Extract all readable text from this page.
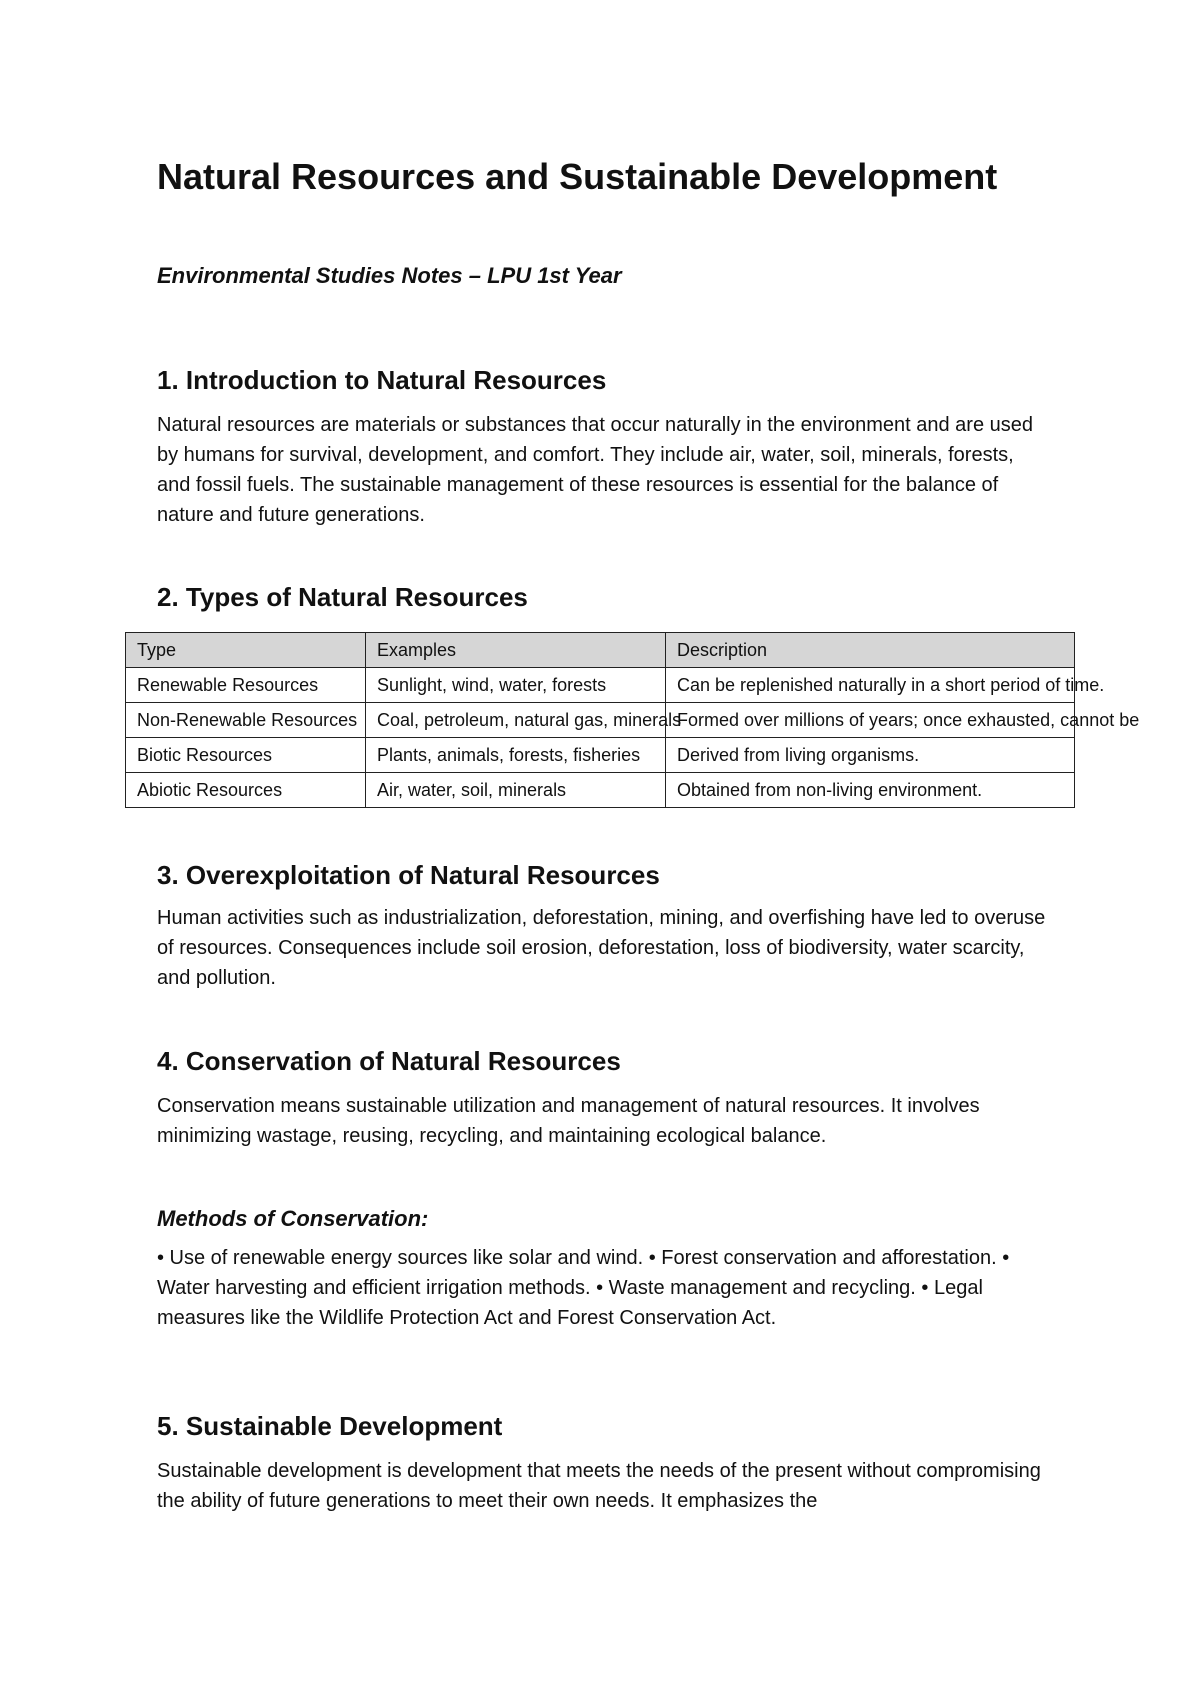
Natural Resources and Sustainable Development

Environmental Studies Notes – LPU 1st Year

1. Introduction to Natural Resources

Natural resources are materials or substances that occur naturally in the environment and are used by humans for survival, development, and comfort. They include air, water, soil, minerals, forests, and fossil fuels. The sustainable management of these resources is essential for the balance of nature and future generations.

2. Types of Natural Resources
Type	Examples	Description
Renewable Resources	Sunlight, wind, water, forests	Can be replenished naturally in a short period of time.
Non-Renewable Resources	Coal, petroleum, natural gas, minerals	Formed over millions of years; once exhausted, cannot be
Biotic Resources	Plants, animals, forests, fisheries	Derived from living organisms.
Abiotic Resources	Air, water, soil, minerals	Obtained from non-living environment.
3. Overexploitation of Natural Resources

Human activities such as industrialization, deforestation, mining, and overfishing have led to overuse of resources. Consequences include soil erosion, deforestation, loss of biodiversity, water scarcity, and pollution.

4. Conservation of Natural Resources

Conservation means sustainable utilization and management of natural resources. It involves minimizing wastage, reusing, recycling, and maintaining ecological balance.

Methods of Conservation:

• Use of renewable energy sources like solar and wind. • Forest conservation and afforestation. • Water harvesting and efficient irrigation methods. • Waste management and recycling. • Legal measures like the Wildlife Protection Act and Forest Conservation Act.

5. Sustainable Development

Sustainable development is development that meets the needs of the present without compromising the ability of future generations to meet their own needs. It emphasizes the
